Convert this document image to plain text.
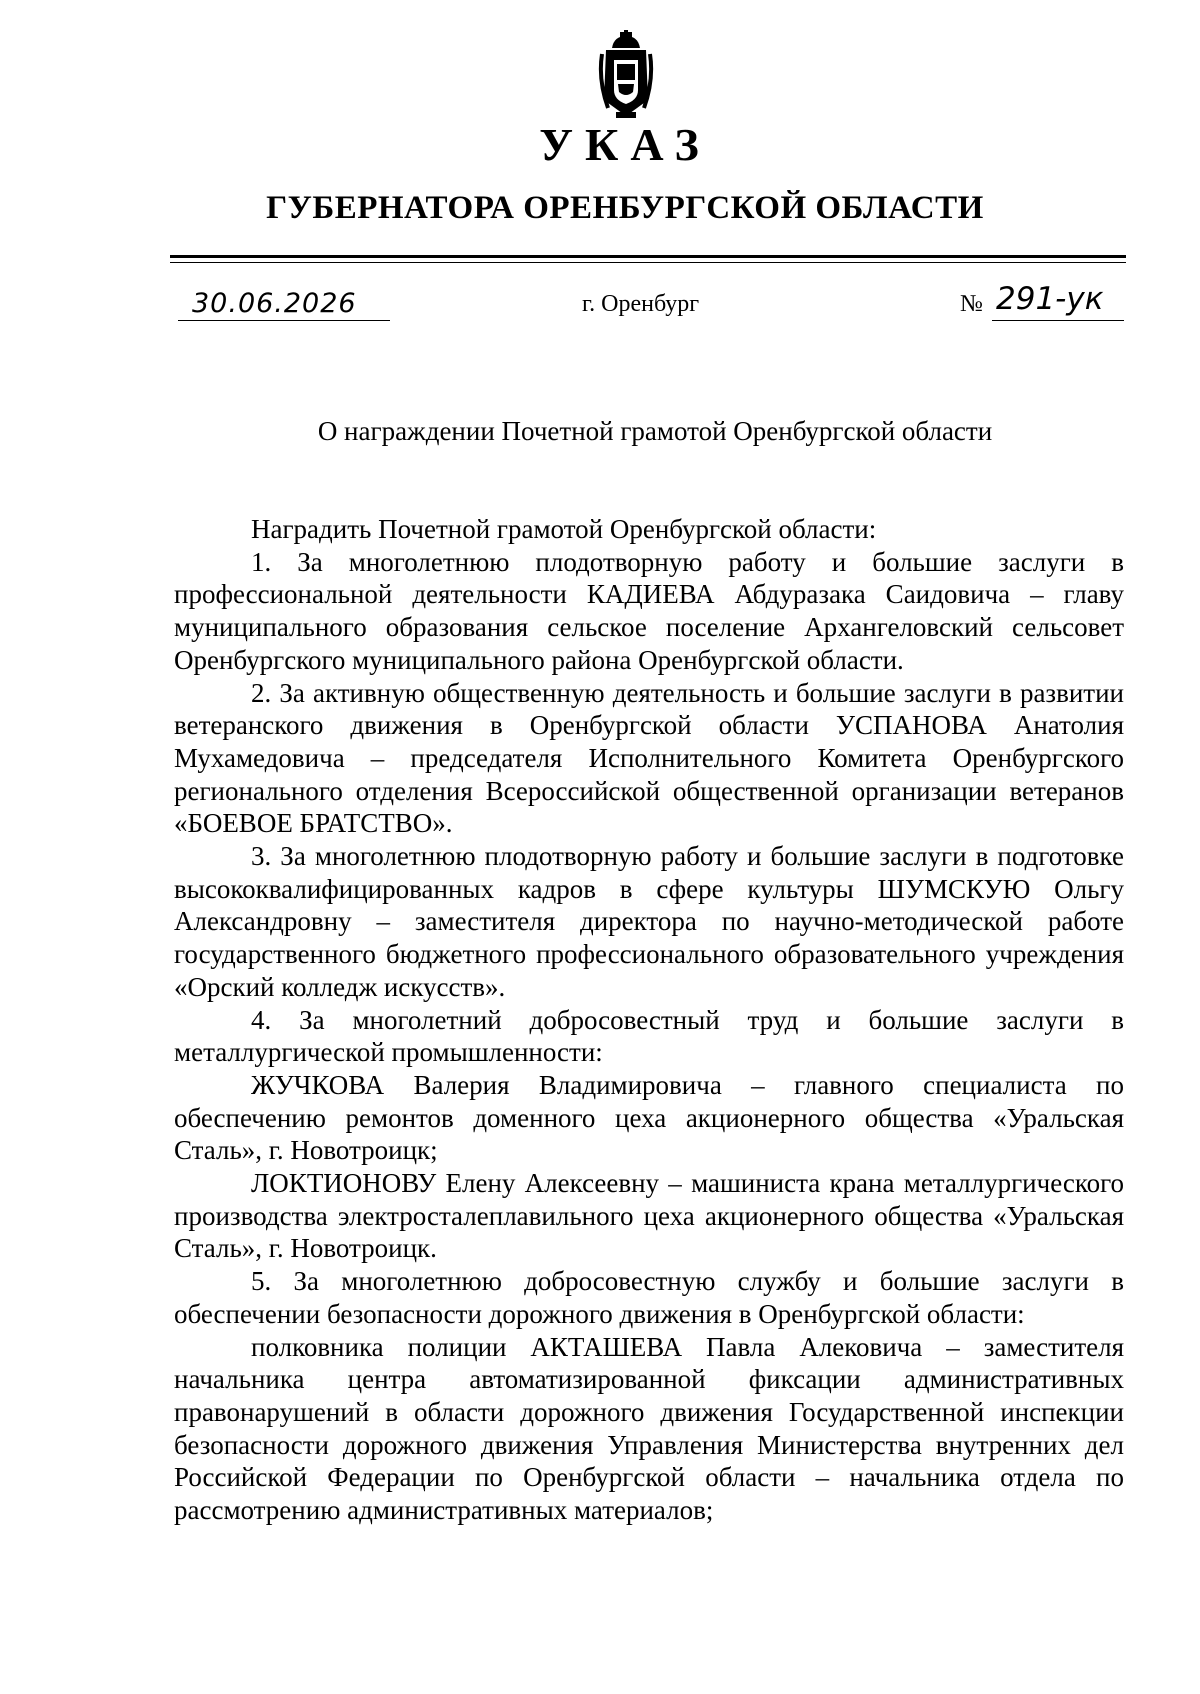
УКАЗ
ГУБЕРНАТОРА ОРЕНБУРГСКОЙ ОБЛАСТИ
30.06.2026	г. Оренбург	№ 291-ук
О награждении Почетной грамотой Оренбургской области

Наградить Почетной грамотой Оренбургской области:

1. За многолетнюю плодотворную работу и большие заслуги в профессиональной деятельности КАДИЕВА Абдуразака Саидовича – главу муниципального образования сельское поселение Архангеловский сельсовет Оренбургского муниципального района Оренбургской области.

2. За активную общественную деятельность и большие заслуги в развитии ветеранского движения в Оренбургской области УСПАНОВА Анатолия Мухамедовича – председателя Исполнительного Комитета Оренбургского регионального отделения Всероссийской общественной организации ветеранов «БОЕВОЕ БРАТСТВО».

3. За многолетнюю плодотворную работу и большие заслуги в подготовке высококвалифицированных кадров в сфере культуры ШУМСКУЮ Ольгу Александровну – заместителя директора по научно-методической работе государственного бюджетного профессионального образовательного учреждения «Орский колледж искусств».

4. За многолетний добросовестный труд и большие заслуги в металлургической промышленности:

ЖУЧКОВА Валерия Владимировича – главного специалиста по обеспечению ремонтов доменного цеха акционерного общества «Уральская Сталь», г. Новотроицк;

ЛОКТИОНОВУ Елену Алексеевну – машиниста крана металлургического производства электросталеплавильного цеха акционерного общества «Уральская Сталь», г. Новотроицк.

5. За многолетнюю добросовестную службу и большие заслуги в обеспечении безопасности дорожного движения в Оренбургской области:

полковника полиции АКТАШЕВА Павла Алековича – заместителя начальника центра автоматизированной фиксации административных правонарушений в области дорожного движения Государственной инспекции безопасности дорожного движения Управления Министерства внутренних дел Российской Федерации по Оренбургской области – начальника отдела по рассмотрению административных материалов;
